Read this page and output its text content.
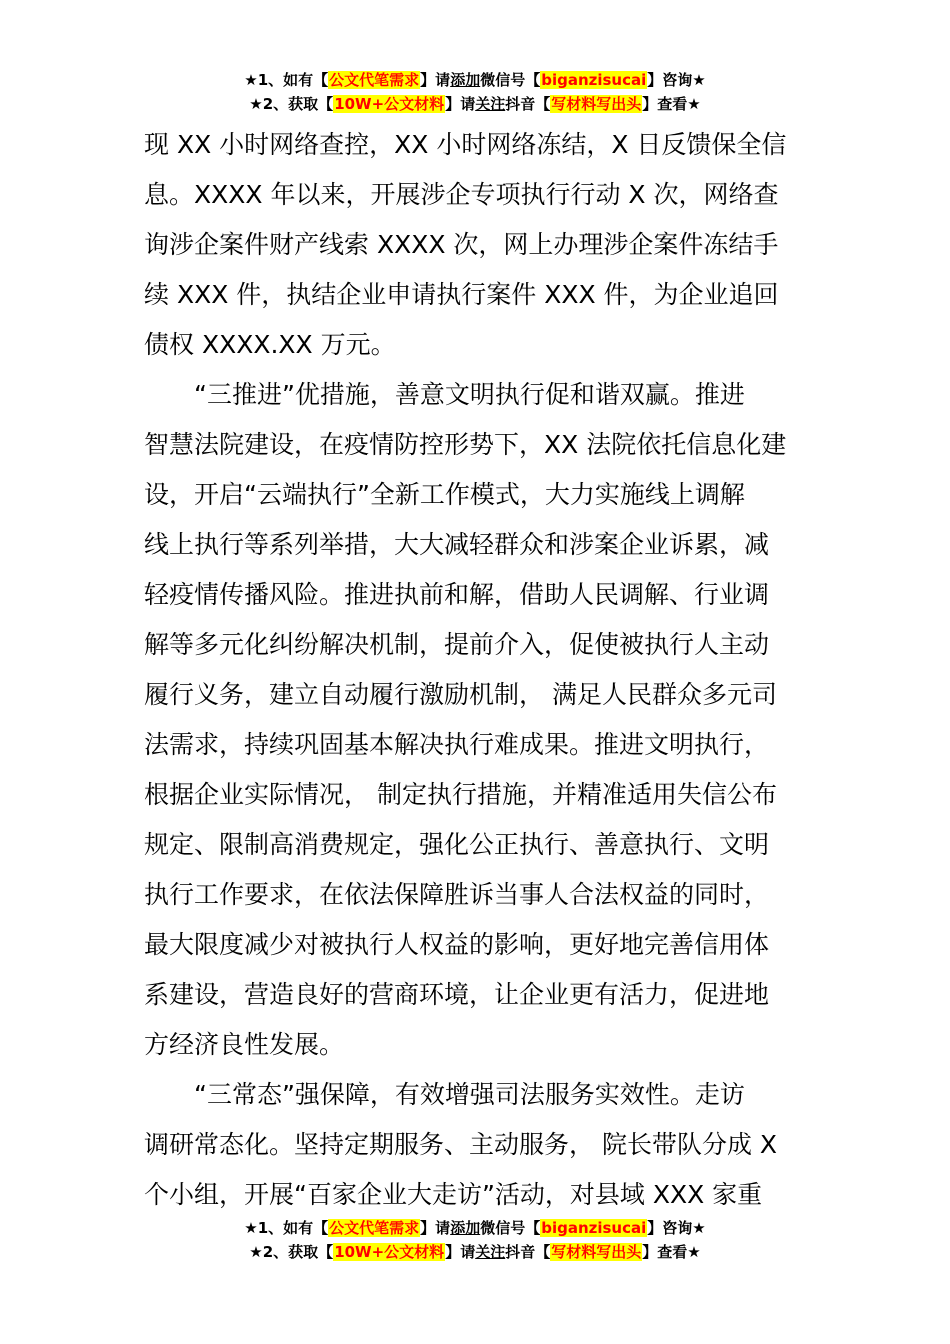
★1、如有【公文代笔需求】请添加微信号【biganzisucai】咨询★
★2、获取【10W+公文材料】请关注抖音【写材料写出头】查看★
现 XX 小时网络查控，XX 小时网络冻结，X 日反馈保全信
息。XXXX 年以来，开展涉企专项执行行动 X 次，网络查
询涉企案件财产线索 XXXX 次，网上办理涉企案件冻结手
续 XXX 件，执结企业申请执行案件 XXX 件，为企业追回
债权 XXXX.XX 万元。
“三推进”优措施，善意文明执行促和谐双赢。推进
智慧法院建设，在疫情防控形势下，XX 法院依托信息化建
设，开启“云端执行”全新工作模式，大力实施线上调解
线上执行等系列举措，大大减轻群众和涉案企业诉累，减
轻疫情传播风险。推进执前和解，借助人民调解、行业调
解等多元化纠纷解决机制，提前介入，促使被执行人主动
履行义务，建立自动履行激励机制， 满足人民群众多元司
法需求，持续巩固基本解决执行难成果。推进文明执行，
根据企业实际情况， 制定执行措施，并精准适用失信公布
规定、限制高消费规定，强化公正执行、善意执行、文明
执行工作要求，在依法保障胜诉当事人合法权益的同时，
最大限度减少对被执行人权益的影响，更好地完善信用体
系建设，营造良好的营商环境，让企业更有活力，促进地
方经济良性发展。
“三常态”强保障，有效增强司法服务实效性。走访
调研常态化。坚持定期服务、主动服务， 院长带队分成 X
个小组，开展“百家企业大走访”活动，对县域 XXX 家重
★1、如有【公文代笔需求】请添加微信号【biganzisucai】咨询★
★2、获取【10W+公文材料】请关注抖音【写材料写出头】查看★
